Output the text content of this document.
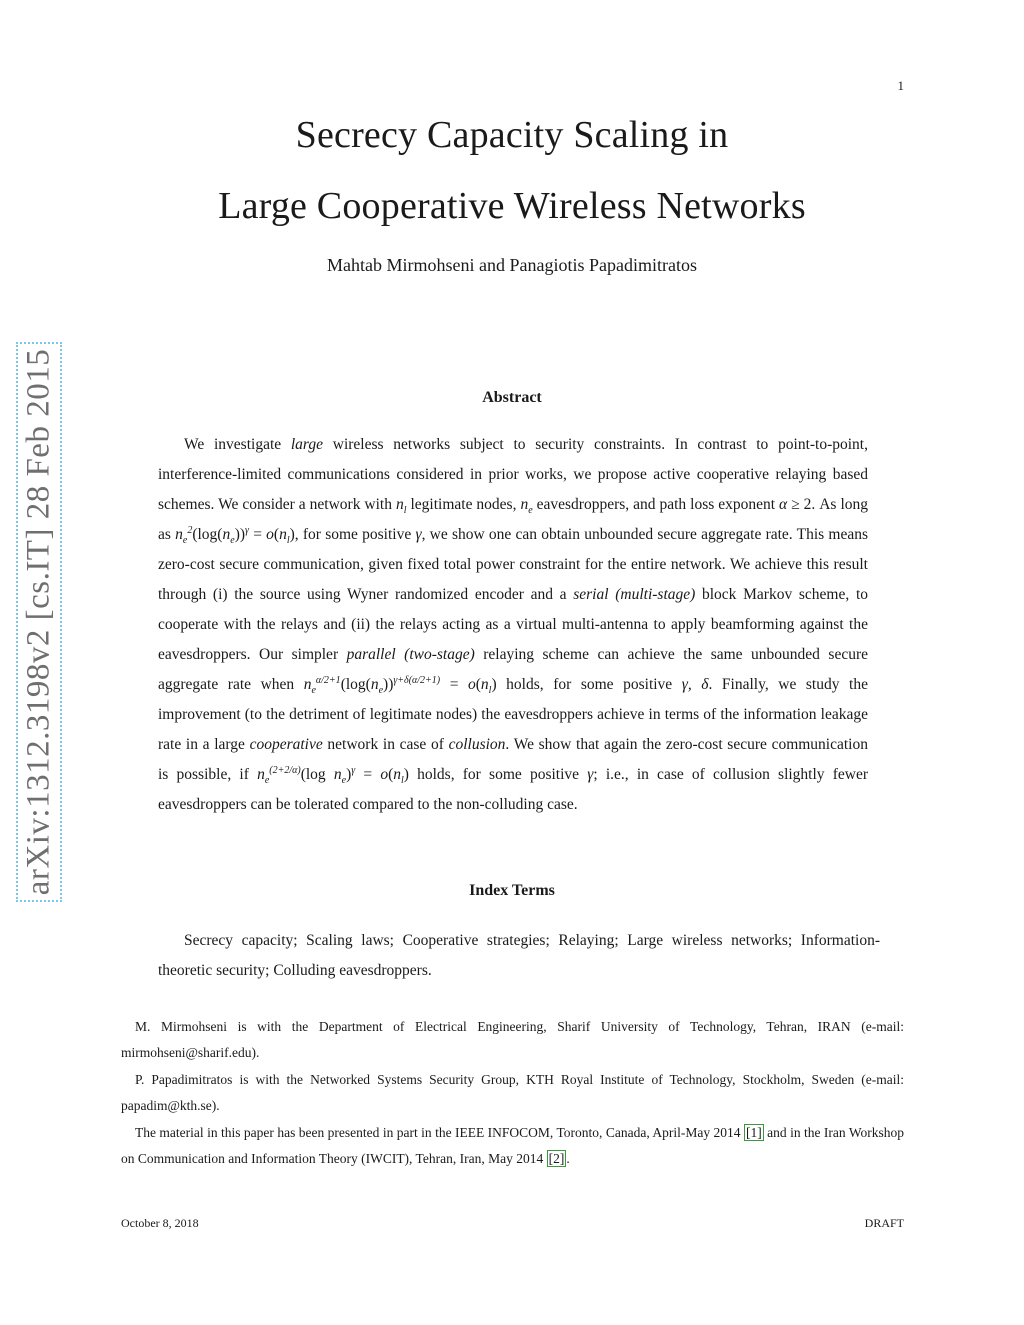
1
Secrecy Capacity Scaling in
Large Cooperative Wireless Networks
Mahtab Mirmohseni and Panagiotis Papadimitratos
arXiv:1312.3198v2 [cs.IT] 28 Feb 2015	Abstract
We investigate large wireless networks subject to security constraints. In contrast to point-to-point, interference-limited communications considered in prior works, we propose active cooperative relaying based schemes. We consider a network with $n_l$ legitimate nodes, $n_e$ eavesdroppers, and path loss exponent α ≥ 2. As long as $n_e^2(\log(n_e))^\gamma = o(n_l)$, for some positive γ, we show one can obtain unbounded secure aggregate rate. This means zero-cost secure communication, given fixed total power constraint for the entire network. We achieve this result through (i) the source using Wyner randomized encoder and a serial (multi-stage) block Markov scheme, to cooperate with the relays and (ii) the relays acting as a virtual multi-antenna to apply beamforming against the eavesdroppers. Our simpler parallel (two-stage) relaying scheme can achieve the same unbounded secure aggregate rate when $n_e^{\alpha/2+1}(\log(n_e))^{\gamma+\delta(\alpha/2+1)} = o(n_l)$ holds, for some positive γ, δ. Finally, we study the improvement (to the detriment of legitimate nodes) the eavesdroppers achieve in terms of the information leakage rate in a large cooperative network in case of collusion. We show that again the zero-cost secure communication is possible, if $n_e^{(2+2/\alpha)}(\log$ $n_e)^\gamma = o(n_l)$ holds, for some positive γ; i.e., in case of collusion slightly fewer eavesdroppers can be tolerated compared to the non-colluding case.
Index Terms
Secrecy capacity; Scaling laws; Cooperative strategies; Relaying; Large wireless networks; Information-theoretic security; Colluding eavesdroppers.
M. Mirmohseni is with the Department of Electrical Engineering, Sharif University of Technology, Tehran, IRAN (e-mail: mirmohseni@sharif.edu).
P. Papadimitratos is with the Networked Systems Security Group, KTH Royal Institute of Technology, Stockholm, Sweden (e-mail: papadim@kth.se).
The material in this paper has been presented in part in the IEEE INFOCOM, Toronto, Canada, April-May 2014 [1] and in the Iran Workshop on Communication and Information Theory (IWCIT), Tehran, Iran, May 2014 [2] .
October 8, 2018	DRAFT
